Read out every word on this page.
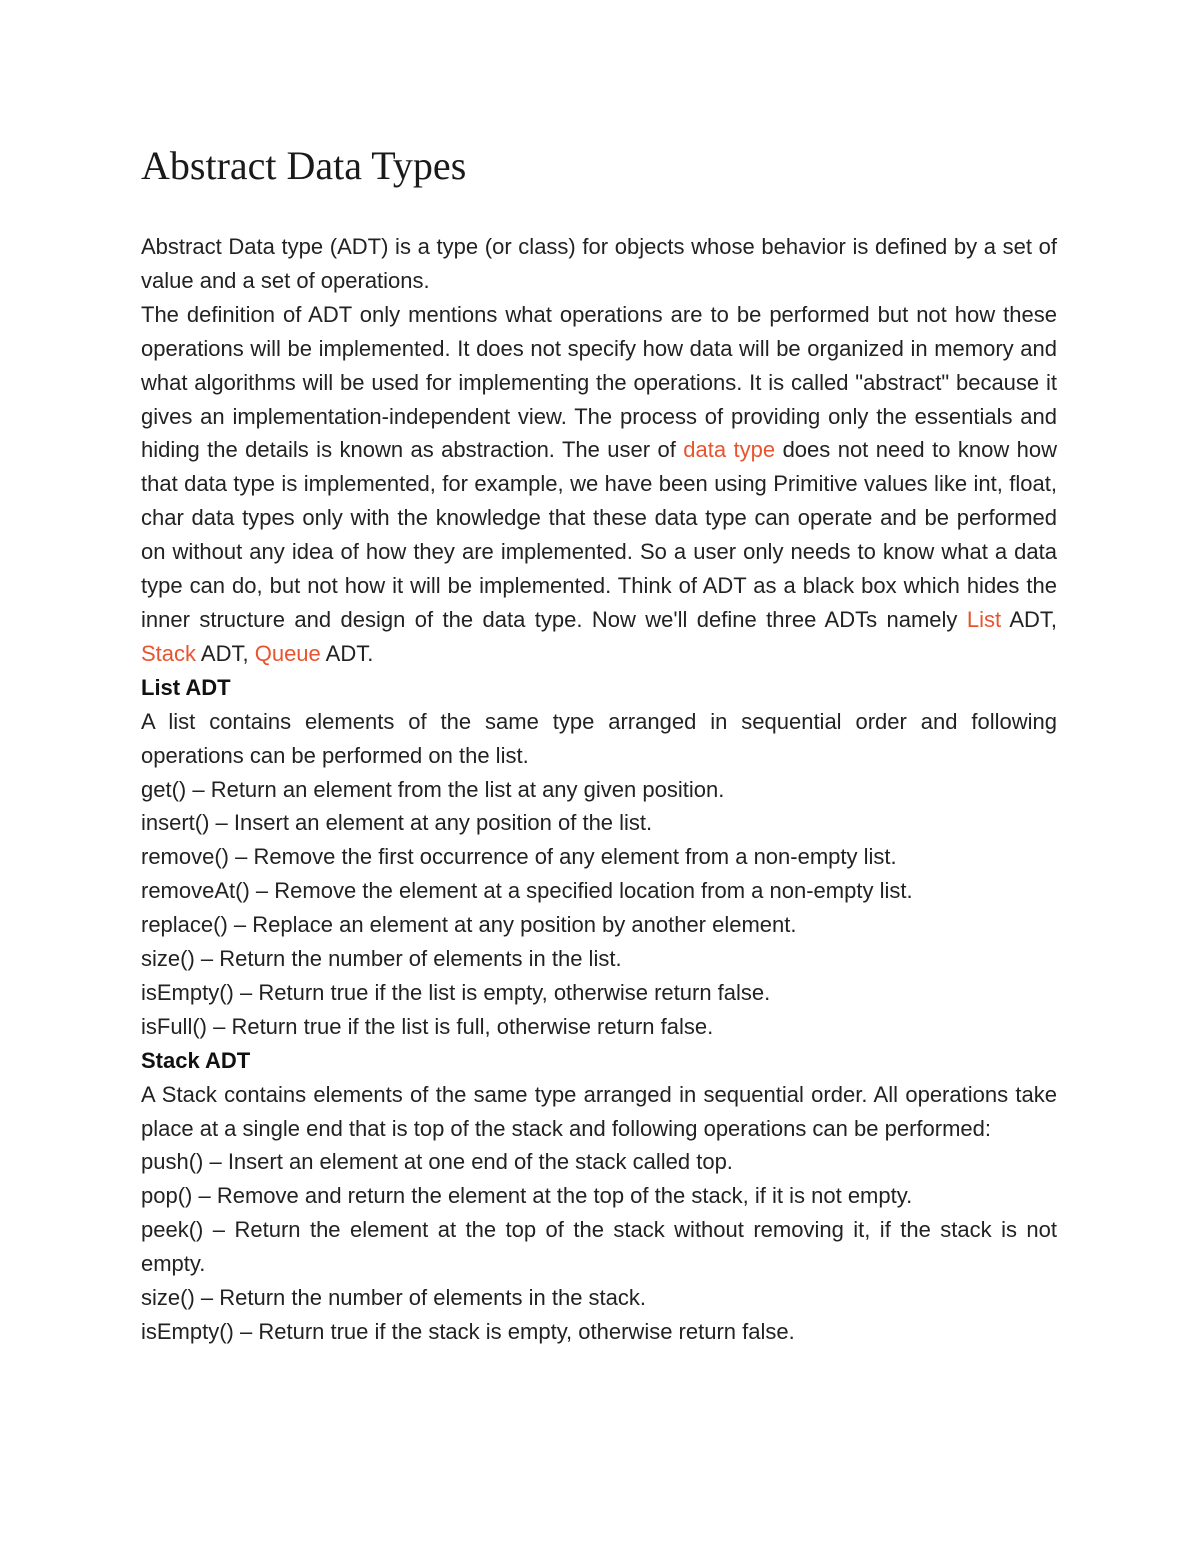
Abstract Data Types

Abstract Data type (ADT) is a type (or class) for objects whose behavior is defined by a set of value and a set of operations.

The definition of ADT only mentions what operations are to be performed but not how these operations will be implemented. It does not specify how data will be organized in memory and what algorithms will be used for implementing the operations. It is called "abstract" because it gives an implementation-independent view. The process of providing only the essentials and hiding the details is known as abstraction. The user of data type does not need to know how that data type is implemented, for example, we have been using Primitive values like int, float, char data types only with the knowledge that these data type can operate and be performed on without any idea of how they are implemented. So a user only needs to know what a data type can do, but not how it will be implemented. Think of ADT as a black box which hides the inner structure and design of the data type. Now we'll define three ADTs namely List ADT, Stack ADT, Queue ADT.

List ADT

A list contains elements of the same type arranged in sequential order and following operations can be performed on the list.

get() – Return an element from the list at any given position.

insert() – Insert an element at any position of the list.

remove() – Remove the first occurrence of any element from a non-empty list.

removeAt() – Remove the element at a specified location from a non-empty list.

replace() – Replace an element at any position by another element.

size() – Return the number of elements in the list.

isEmpty() – Return true if the list is empty, otherwise return false.

isFull() – Return true if the list is full, otherwise return false.

Stack ADT

A Stack contains elements of the same type arranged in sequential order. All operations take place at a single end that is top of the stack and following operations can be performed:

push() – Insert an element at one end of the stack called top.

pop() – Remove and return the element at the top of the stack, if it is not empty.

peek() – Return the element at the top of the stack without removing it, if the stack is not empty.

size() – Return the number of elements in the stack.

isEmpty() – Return true if the stack is empty, otherwise return false.
